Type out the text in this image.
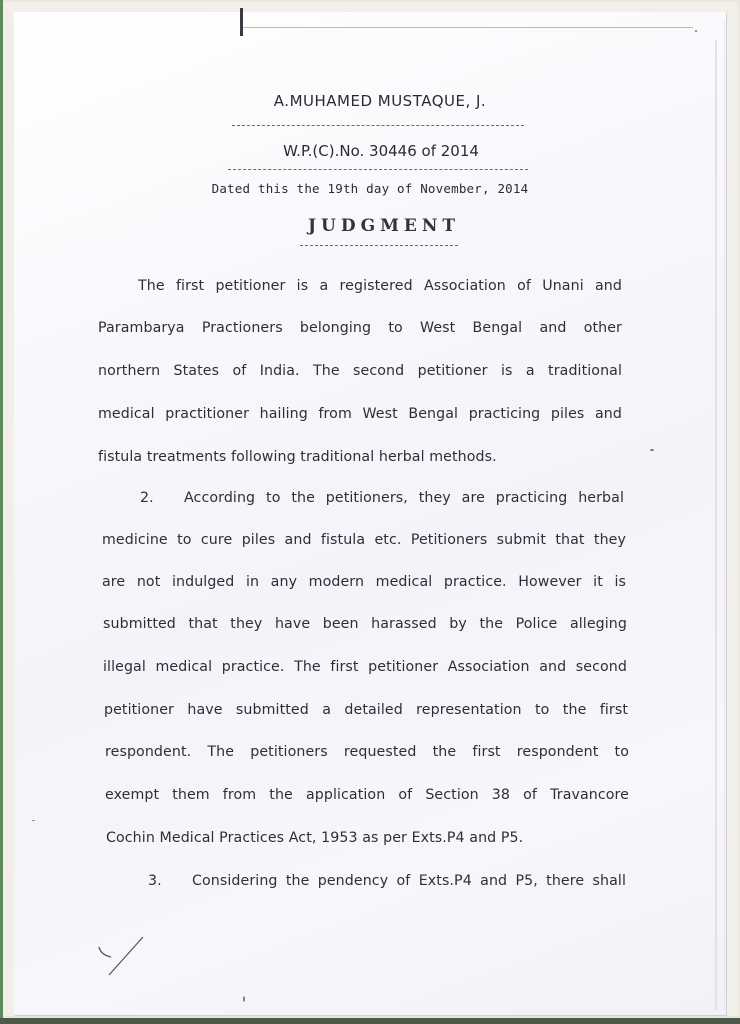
A.MUHAMED MUSTAQUE, J.
W.P.(C).No. 30446 of 2014
Dated this the 19th day of November, 2014
JUDGMENT
The first petitioner is a registered Association of Unani and
Parambarya Practioners belonging to West Bengal and other
northern States of India. The second petitioner is a traditional
medical practitioner hailing from West Bengal practicing piles and
fistula treatments following traditional herbal methods.
2. According to the petitioners, they are practicing herbal
medicine to cure piles and fistula etc. Petitioners submit that they
are not indulged in any modern medical practice. However it is
submitted that they have been harassed by the Police alleging
illegal medical practice. The first petitioner Association and second
petitioner have submitted a detailed representation to the first
respondent. The petitioners requested the first respondent to
exempt them from the application of Section 38 of Travancore
Cochin Medical Practices Act, 1953 as per Exts.P4 and P5.
3. Considering the pendency of Exts.P4 and P5, there shall
